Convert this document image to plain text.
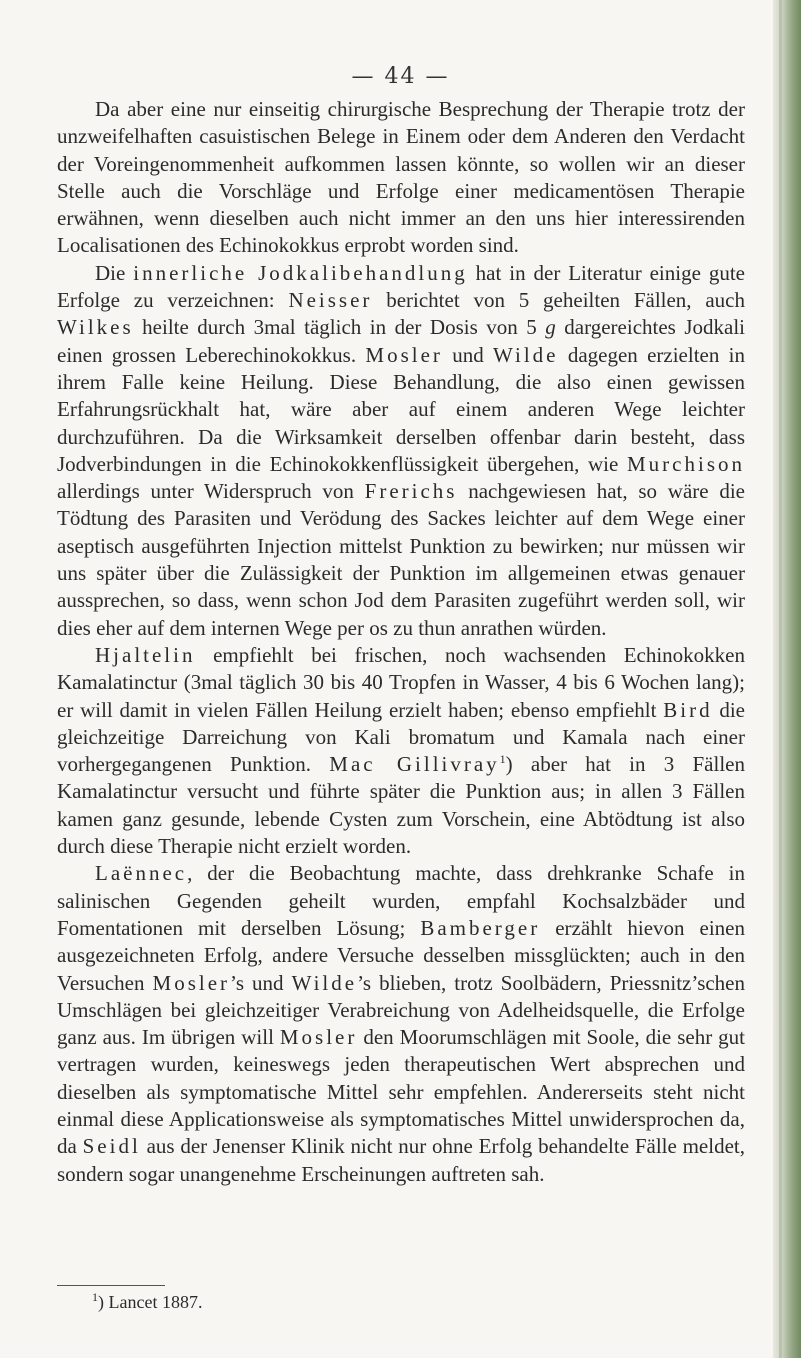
— 44 —

Da aber eine nur einseitig chirurgische Besprechung der Therapie trotz der unzweifelhaften casuistischen Belege in Einem oder dem Anderen den Verdacht der Voreingenommenheit aufkommen lassen könnte, so wollen wir an dieser Stelle auch die Vorschläge und Erfolge einer medicamentösen Therapie erwähnen, wenn dieselben auch nicht immer an den uns hier interessirenden Localisationen des Echinokokkus erprobt worden sind.

Die innerliche Jodkalibehandlung hat in der Literatur einige gute Erfolge zu verzeichnen: Neisser berichtet von 5 geheilten Fällen, auch Wilkes heilte durch 3mal täglich in der Dosis von 5 g dargereichtes Jodkali einen grossen Leberechinokokkus. Mosler und Wilde dagegen erzielten in ihrem Falle keine Heilung. Diese Behandlung, die also einen gewissen Erfahrungsrückhalt hat, wäre aber auf einem anderen Wege leichter durchzuführen. Da die Wirksamkeit derselben offenbar darin besteht, dass Jodverbindungen in die Echinokokkenflüssigkeit übergehen, wie Murchison allerdings unter Widerspruch von Frerichs nachgewiesen hat, so wäre die Tödtung des Parasiten und Verödung des Sackes leichter auf dem Wege einer aseptisch ausgeführten Injection mittelst Punktion zu bewirken; nur müssen wir uns später über die Zulässigkeit der Punktion im allgemeinen etwas genauer aussprechen, so dass, wenn schon Jod dem Parasiten zugeführt werden soll, wir dies eher auf dem internen Wege per os zu thun anrathen würden.

Hjaltelin empfiehlt bei frischen, noch wachsenden Echinokokken Kamalatinctur (3mal täglich 30 bis 40 Tropfen in Wasser, 4 bis 6 Wochen lang); er will damit in vielen Fällen Heilung erzielt haben; ebenso empfiehlt Bird die gleichzeitige Darreichung von Kali bromatum und Kamala nach einer vorhergegangenen Punktion. Mac Gillivray$^1$) aber hat in 3 Fällen Kamalatinctur versucht und führte später die Punktion aus; in allen 3 Fällen kamen ganz gesunde, lebende Cysten zum Vorschein, eine Abtödtung ist also durch diese Therapie nicht erzielt worden.

Laënnec, der die Beobachtung machte, dass drehkranke Schafe in salinischen Gegenden geheilt wurden, empfahl Kochsalzbäder und Fomentationen mit derselben Lösung; Bamberger erzählt hievon einen ausgezeichneten Erfolg, andere Versuche desselben missglückten; auch in den Versuchen Mosler’s und Wilde’s blieben, trotz Soolbädern, Priessnitz’schen Umschlägen bei gleichzeitiger Verabreichung von Adelheidsquelle, die Erfolge ganz aus. Im übrigen will Mosler den Moorumschlägen mit Soole, die sehr gut vertragen wurden, keineswegs jeden therapeutischen Wert absprechen und dieselben als symptomatische Mittel sehr empfehlen. Andererseits steht nicht einmal diese Applicationsweise als symptomatisches Mittel unwidersprochen da, da Seidl aus der Jenenser Klinik nicht nur ohne Erfolg behandelte Fälle meldet, sondern sogar unangenehme Erscheinungen auftreten sah.

$^1$) Lancet 1887.
